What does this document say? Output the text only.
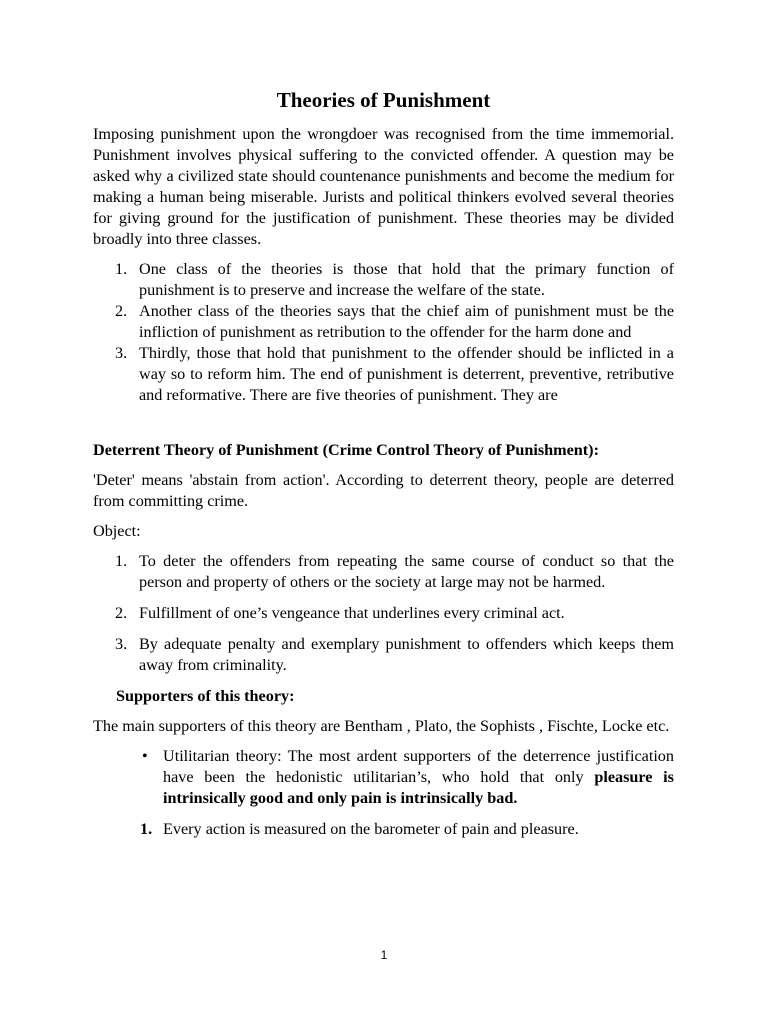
Theories of Punishment

Imposing punishment upon the wrongdoer was recognised from the time immemorial. Punishment involves physical suffering to the convicted offender. A question may be asked why a civilized state should countenance punishments and become the medium for making a human being miserable. Jurists and political thinkers evolved several theories for giving ground for the justification of punishment. These theories may be divided broadly into three classes.

1. One class of the theories is those that hold that the primary function of punishment is to preserve and increase the welfare of the state.
2. Another class of the theories says that the chief aim of punishment must be the infliction of punishment as retribution to the offender for the harm done and
3. Thirdly, those that hold that punishment to the offender should be inflicted in a way so to reform him. The end of punishment is deterrent, preventive, retributive and reformative. There are five theories of punishment. They are

Deterrent Theory of Punishment (Crime Control Theory of Punishment):

'Deter' means 'abstain from action'. According to deterrent theory, people are deterred from committing crime.

Object:

1. To deter the offenders from repeating the same course of conduct so that the person and property of others or the society at large may not be harmed.
2. Fulfillment of one’s vengeance that underlines every criminal act.
3. By adequate penalty and exemplary punishment to offenders which keeps them away from criminality.

Supporters of this theory:

The main supporters of this theory are Bentham , Plato, the Sophists , Fischte, Locke etc.

• Utilitarian theory: The most ardent supporters of the deterrence justification have been the hedonistic utilitarian’s, who hold that only pleasure is intrinsically good and only pain is intrinsically bad.
1. Every action is measured on the barometer of pain and pleasure.
1
